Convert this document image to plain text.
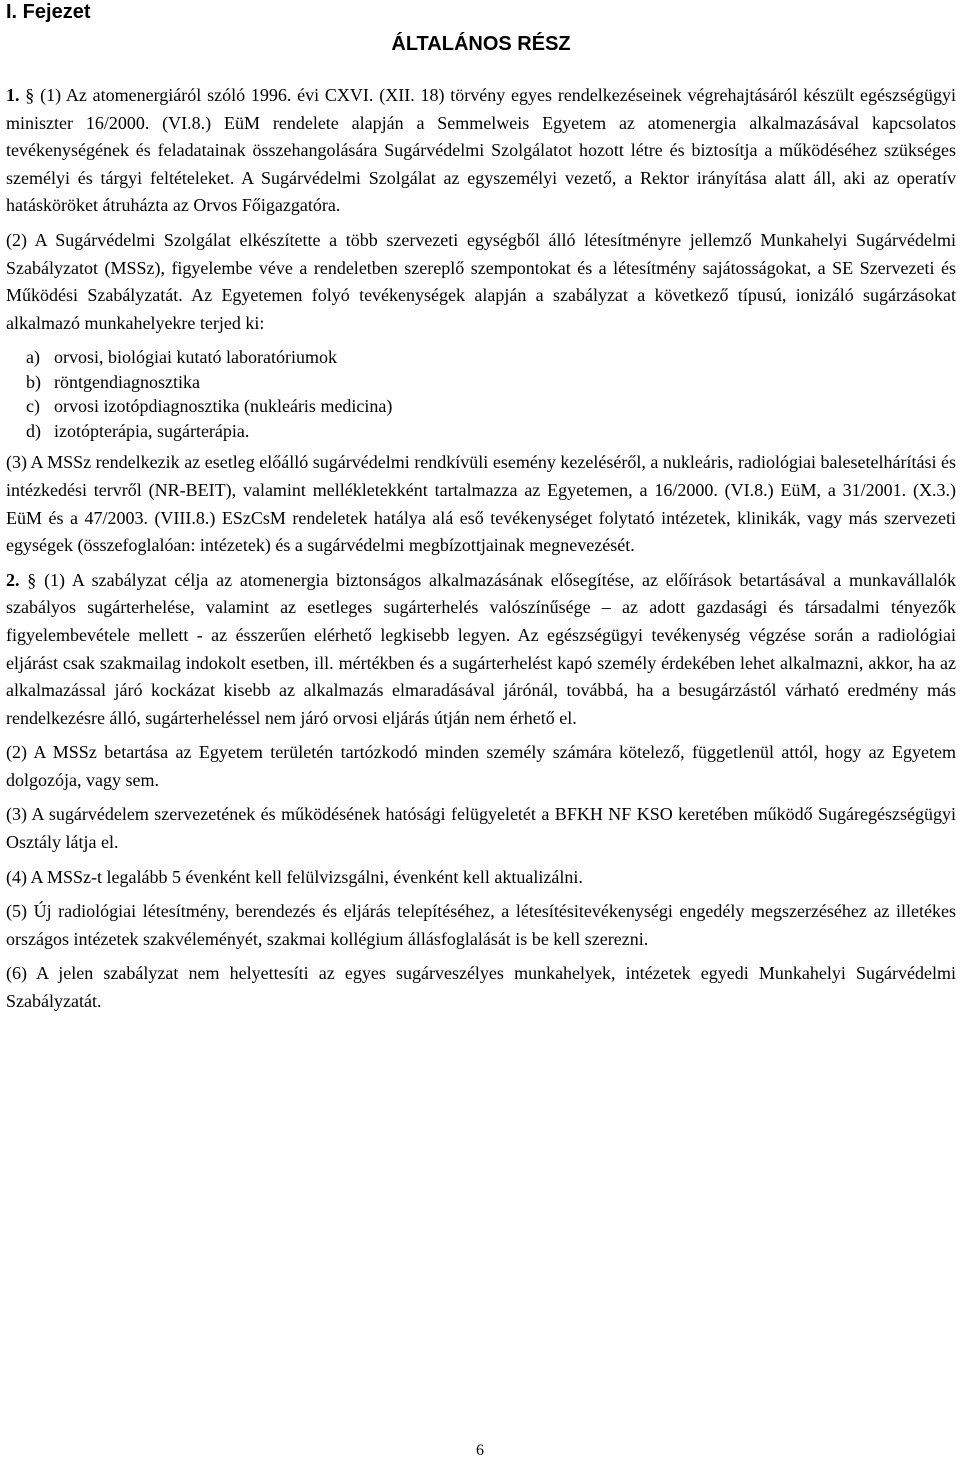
I. Fejezet
ÁLTALÁNOS RÉSZ

1. § (1) Az atomenergiáról szóló 1996. évi CXVI. (XII. 18) törvény egyes rendelkezéseinek végrehajtásáról készült egészségügyi miniszter 16/2000. (VI.8.) EüM rendelete alapján a Semmelweis Egyetem az atomenergia alkalmazásával kapcsolatos tevékenységének és feladatainak összehangolására Sugárvédelmi Szolgálatot hozott létre és biztosítja a működéséhez szükséges személyi és tárgyi feltételeket. A Sugárvédelmi Szolgálat az egyszemélyi vezető, a Rektor irányítása alatt áll, aki az operatív hatásköröket átruházta az Orvos Főigazgatóra.

(2) A Sugárvédelmi Szolgálat elkészítette a több szervezeti egységből álló létesítményre jellemző Munkahelyi Sugárvédelmi Szabályzatot (MSSz), figyelembe véve a rendeletben szereplő szempontokat és a létesítmény sajátosságokat, a SE Szervezeti és Működési Szabályzatát. Az Egyetemen folyó tevékenységek alapján a szabályzat a következő típusú, ionizáló sugárzásokat alkalmazó munkahelyekre terjed ki:

a) orvosi, biológiai kutató laboratóriumok
b) röntgendiagnosztika
c) orvosi izotópdiagnosztika (nukleáris medicina)
d) izotópterápia, sugárterápia.

(3) A MSSz rendelkezik az esetleg előálló sugárvédelmi rendkívüli esemény kezeléséről, a nukleáris, radiológiai balesetelhárítási és intézkedési tervről (NR-BEIT), valamint mellékletekként tartalmazza az Egyetemen, a 16/2000. (VI.8.) EüM, a 31/2001. (X.3.) EüM és a 47/2003. (VIII.8.) ESzCsM rendeletek hatálya alá eső tevékenységet folytató intézetek, klinikák, vagy más szervezeti egységek (összefoglalóan: intézetek) és a sugárvédelmi megbízottjainak megnevezését.

2. § (1) A szabályzat célja az atomenergia biztonságos alkalmazásának elősegítése, az előírások betartásával a munkavállalók szabályos sugárterhelése, valamint az esetleges sugárterhelés valószínűsége – az adott gazdasági és társadalmi tényezők figyelembevétele mellett - az ésszerűen elérhető legkisebb legyen. Az egészségügyi tevékenység végzése során a radiológiai eljárást csak szakmailag indokolt esetben, ill. mértékben és a sugárterhelést kapó személy érdekében lehet alkalmazni, akkor, ha az alkalmazással járó kockázat kisebb az alkalmazás elmaradásával járónál, továbbá, ha a besugárzástól várható eredmény más rendelkezésre álló, sugárterheléssel nem járó orvosi eljárás útján nem érhető el.

(2) A MSSz betartása az Egyetem területén tartózkodó minden személy számára kötelező, függetlenül attól, hogy az Egyetem dolgozója, vagy sem.

(3) A sugárvédelem szervezetének és működésének hatósági felügyeletét a BFKH NF KSO keretében működő Sugáregészségügyi Osztály látja el.

(4) A MSSz-t legalább 5 évenként kell felülvizsgálni, évenként kell aktualizálni.

(5) Új radiológiai létesítmény, berendezés és eljárás telepítéséhez, a létesítésitevékenységi engedély megszerzéséhez az illetékes országos intézetek szakvéleményét, szakmai kollégium állásfoglalását is be kell szerezni.

(6) A jelen szabályzat nem helyettesíti az egyes sugárveszélyes munkahelyek, intézetek egyedi Munkahelyi Sugárvédelmi Szabályzatát.

6
